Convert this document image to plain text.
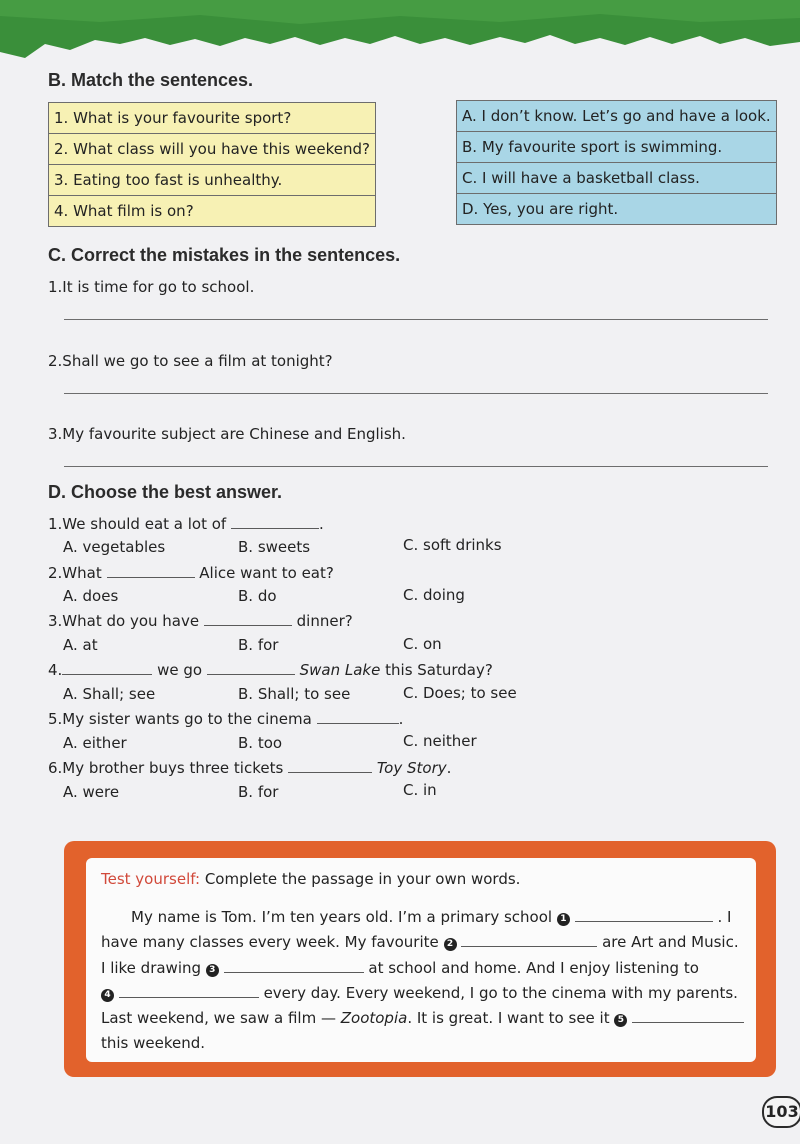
B. Match the sentences.
1. What is your favourite sport?
2. What class will you have this weekend?
3. Eating too fast is unhealthy.
4. What film is on?
A. I don’t know. Let’s go and have a look.
B. My favourite sport is swimming.
C. I will have a basketball class.
D. Yes, you are right.
C. Correct the mistakes in the sentences.
1.It is time for go to school.
2.Shall we go to see a film at tonight?
3.My favourite subject are Chinese and English.
D. Choose the best answer.
1.We should eat a lot of	.
A. vegetables	B. sweets	C. soft drinks
2.What	Alice want to eat?
A. does	B. do	C. doing
3.What do you have	dinner?
A. at	B. for	C. on
4.	we go	Swan Lake this Saturday?
A. Shall; see	B. Shall; to see	C. Does; to see
5.My sister wants go to the cinema	.
A. either	B. too	C. neither
6.My brother buys three tickets	Toy Story.
A. were	B. for	C. in
Test yourself: Complete the passage in your own words.
My name is Tom. I’m ten years old. I’m a primary school 1	. I
have many classes every week. My favourite 2	are Art and Music.
I like drawing 3	at school and home. And I enjoy listening to
4	every day. Every weekend, I go to the cinema with my parents.
Last weekend, we saw a film — Zootopia. It is great. I want to see it 5
this weekend.
103
